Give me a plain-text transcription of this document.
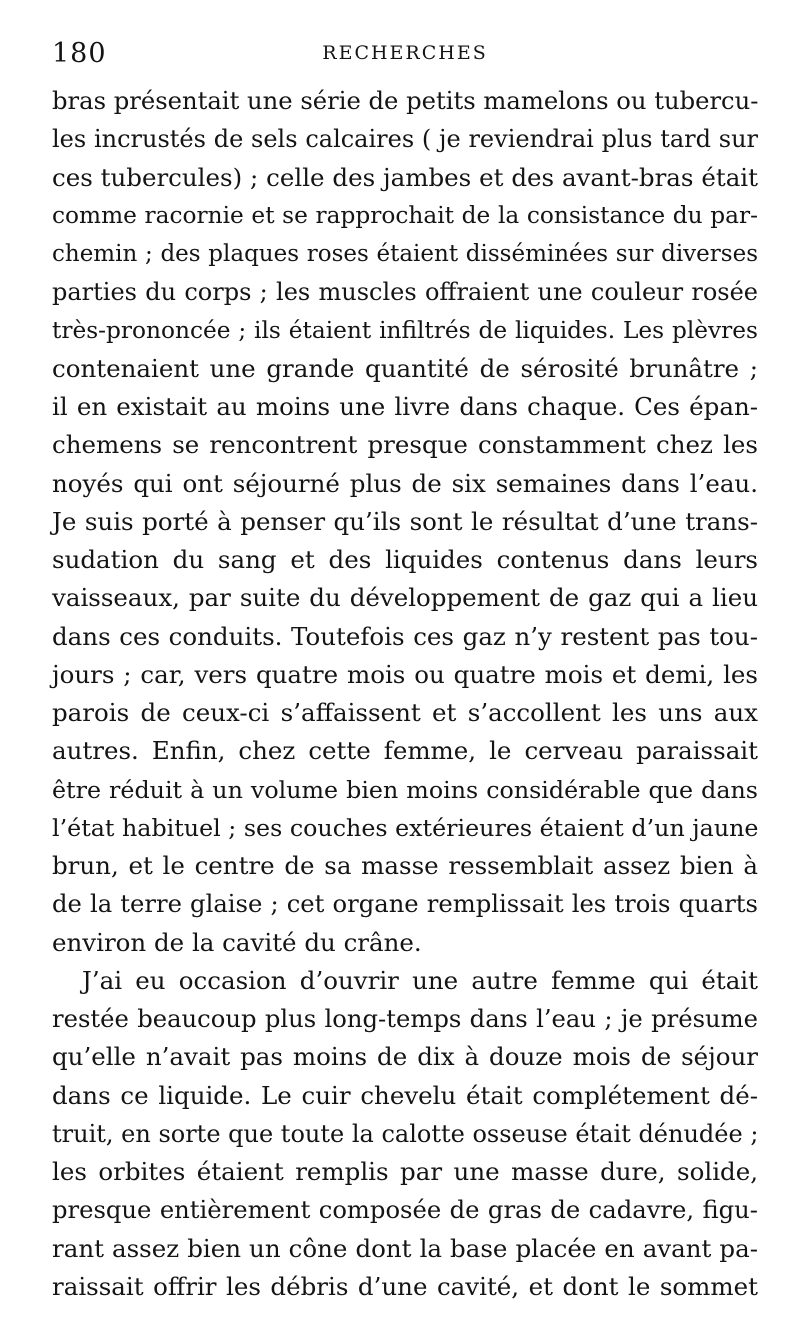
180	RECHERCHES
bras présentait une série de petits mamelons ou tubercu-
les incrustés de sels calcaires ( je reviendrai plus tard sur
ces tubercules) ; celle des jambes et des avant-bras était
comme racornie et se rapprochait de la consistance du par-
chemin ; des plaques roses étaient disséminées sur diverses
parties du corps ; les muscles offraient une couleur rosée
très-prononcée ; ils étaient infiltrés de liquides. Les plèvres
contenaient une grande quantité de sérosité brunâtre ;
il en existait au moins une livre dans chaque. Ces épan-
chemens se rencontrent presque constamment chez les
noyés qui ont séjourné plus de six semaines dans l’eau.
Je suis porté à penser qu’ils sont le résultat d’une trans-
sudation du sang et des liquides contenus dans leurs
vaisseaux, par suite du développement de gaz qui a lieu
dans ces conduits. Toutefois ces gaz n’y restent pas tou-
jours ; car, vers quatre mois ou quatre mois et demi, les
parois de ceux-ci s’affaissent et s’accollent les uns aux
autres. Enfin, chez cette femme, le cerveau paraissait
être réduit à un volume bien moins considérable que dans
l’état habituel ; ses couches extérieures étaient d’un jaune
brun, et le centre de sa masse ressemblait assez bien à
de la terre glaise ; cet organe remplissait les trois quarts
environ de la cavité du crâne.
J’ai eu occasion d’ouvrir une autre femme qui était
restée beaucoup plus long-temps dans l’eau ; je présume
qu’elle n’avait pas moins de dix à douze mois de séjour
dans ce liquide. Le cuir chevelu était complétement dé-
truit, en sorte que toute la calotte osseuse était dénudée ;
les orbites étaient remplis par une masse dure, solide,
presque entièrement composée de gras de cadavre, figu-
rant assez bien un cône dont la base placée en avant pa-
raissait offrir les débris d’une cavité, et dont le sommet
